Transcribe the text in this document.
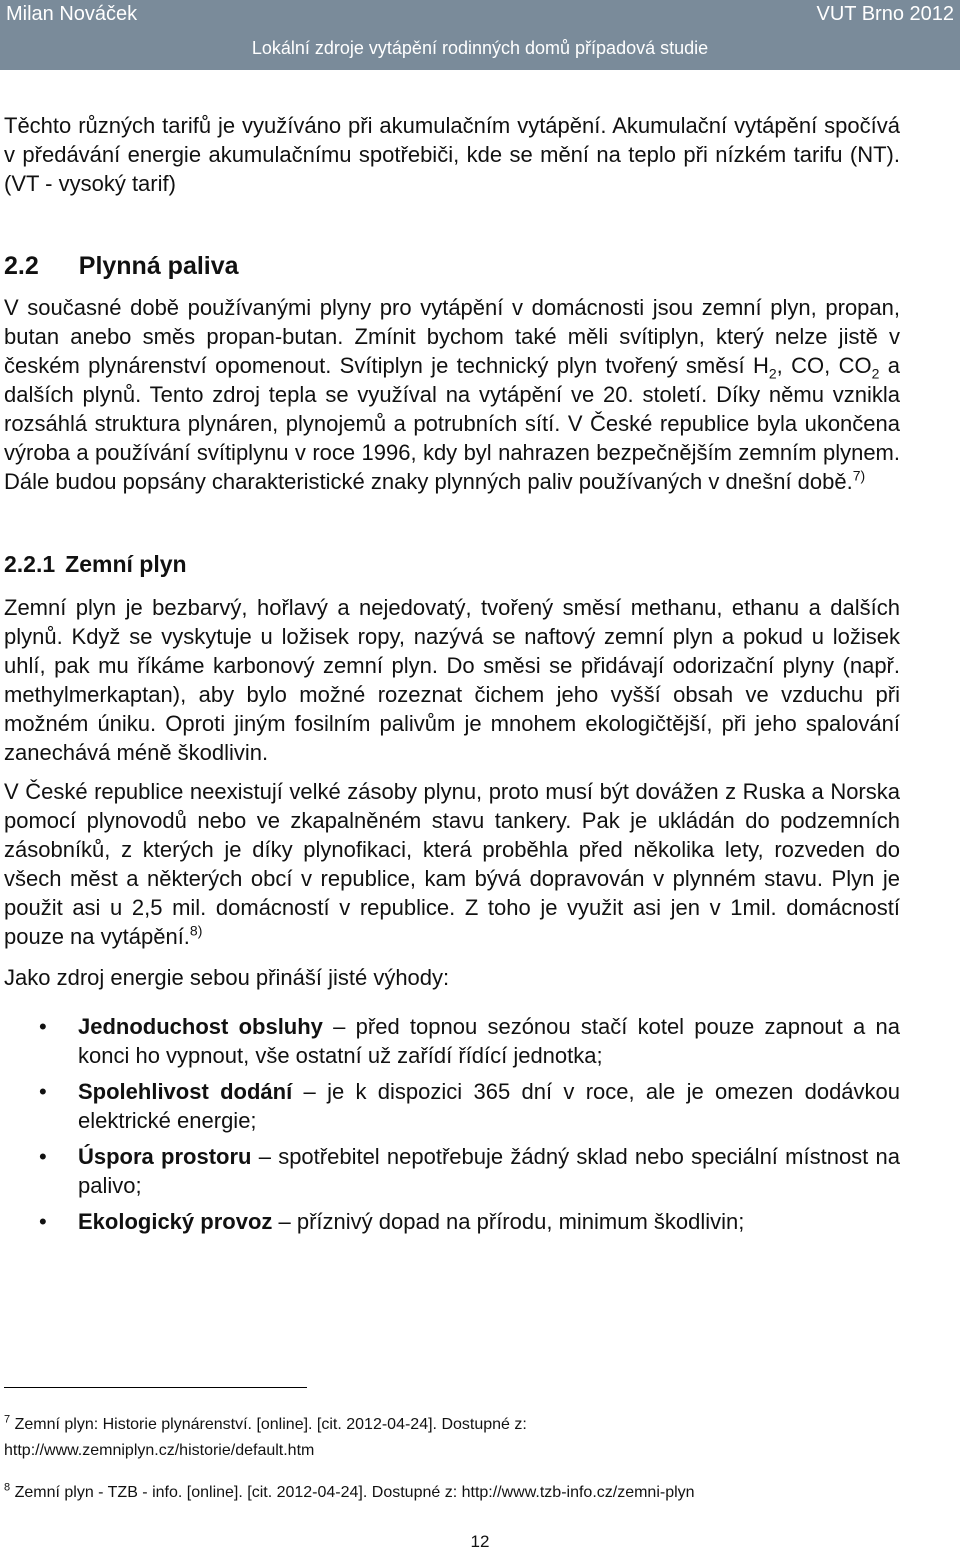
Milan Nováček	VUT Brno 2012
Lokální zdroje vytápění rodinných domů případová studie

Těchto různých tarifů je využíváno při akumulačním vytápění. Akumulační vytápění spočívá v předávání energie akumulačnímu spotřebiči, kde se mění na teplo při nízkém tarifu (NT). (VT - vysoký tarif)

2.2 Plynná paliva

V současné době používanými plyny pro vytápění v domácnosti jsou zemní plyn, propan, butan anebo směs propan-butan. Zmínit bychom také měli svítiplyn, který nelze jistě v českém plynárenství opomenout. Svítiplyn je technický plyn tvořený směsí $H_2$, CO, $CO_2$ a dalších plynů. Tento zdroj tepla se využíval na vytápění ve 20. století. Díky němu vznikla rozsáhlá struktura plynáren, plynojemů a potrubních sítí. V České republice byla ukončena výroba a používání svítiplynu v roce 1996, kdy byl nahrazen bezpečnějším zemním plynem. Dále budou popsány charakteristické znaky plynných paliv používaných v dnešní době.$^{7)}$

2.2.1 Zemní plyn

Zemní plyn je bezbarvý, hořlavý a nejedovatý, tvořený směsí methanu, ethanu a dalších plynů. Když se vyskytuje u ložisek ropy, nazývá se naftový zemní plyn a pokud u ložisek uhlí, pak mu říkáme karbonový zemní plyn. Do směsi se přidávají odorizační plyny (např. methylmerkaptan), aby bylo možné rozeznat čichem jeho vyšší obsah ve vzduchu při možném úniku. Oproti jiným fosilním palivům je mnohem ekologičtější, při jeho spalování zanechává méně škodlivin.

V České republice neexistují velké zásoby plynu, proto musí být dovážen z Ruska a Norska pomocí plynovodů nebo ve zkapalněném stavu tankery. Pak je ukládán do podzemních zásobníků, z kterých je díky plynofikaci, která proběhla před několika lety, rozveden do všech měst a některých obcí v republice, kam bývá dopravován v plynném stavu. Plyn je použit asi u 2,5 mil. domácností v republice. Z toho je využit asi jen v 1mil. domácností pouze na vytápění.$^{8)}$

Jako zdroj energie sebou přináší jisté výhody:

• Jednoduchost obsluhy – před topnou sezónou stačí kotel pouze zapnout a na konci ho vypnout, vše ostatní už zařídí řídící jednotka;
• Spolehlivost dodání – je k dispozici 365 dní v roce, ale je omezen dodávkou elektrické energie;
• Úspora prostoru – spotřebitel nepotřebuje žádný sklad nebo speciální místnost na palivo;
• Ekologický provoz – příznivý dopad na přírodu, minimum škodlivin;
$^7$ Zemní plyn: Historie plynárenství. [online]. [cit. 2012-04-24]. Dostupné z:
http://www.zemniplyn.cz/historie/default.htm
$^8$ Zemní plyn - TZB - info. [online]. [cit. 2012-04-24]. Dostupné z: http://www.tzb-info.cz/zemni-plyn
12
